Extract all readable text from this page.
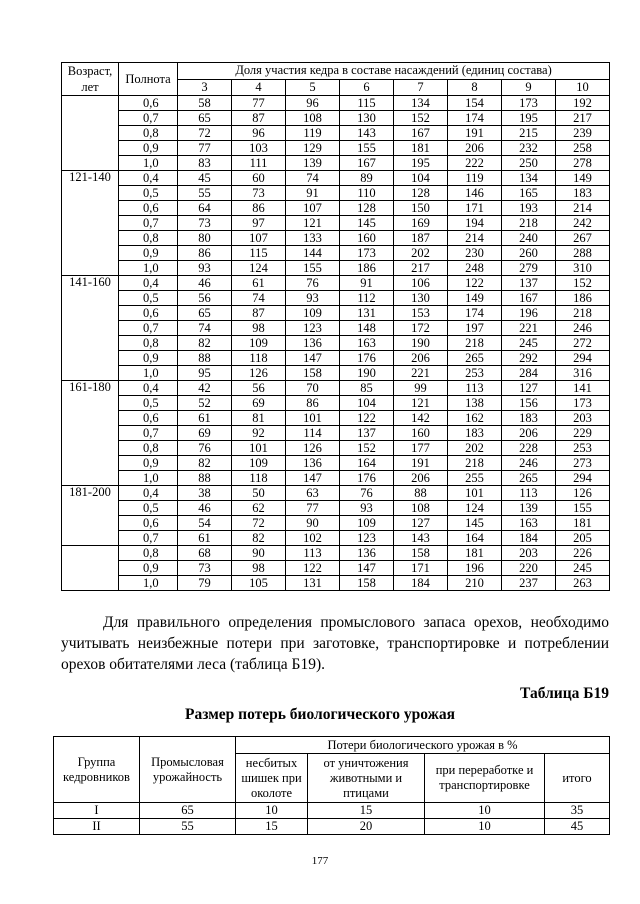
Возраст, лет	Полнота	Доля участия кедра в составе насаждений (единиц состава)							
		3	4	5	6	7	8	9	10
	0,6	58	77	96	115	134	154	173	192
	0,7	65	87	108	130	152	174	195	217
	0,8	72	96	119	143	167	191	215	239
	0,9	77	103	129	155	181	206	232	258
	1,0	83	111	139	167	195	222	250	278
121-140	0,4	45	60	74	89	104	119	134	149
	0,5	55	73	91	110	128	146	165	183
	0,6	64	86	107	128	150	171	193	214
	0,7	73	97	121	145	169	194	218	242
	0,8	80	107	133	160	187	214	240	267
	0,9	86	115	144	173	202	230	260	288
	1,0	93	124	155	186	217	248	279	310
141-160	0,4	46	61	76	91	106	122	137	152
	0,5	56	74	93	112	130	149	167	186
	0,6	65	87	109	131	153	174	196	218
	0,7	74	98	123	148	172	197	221	246
	0,8	82	109	136	163	190	218	245	272
	0,9	88	118	147	176	206	265	292	294
	1,0	95	126	158	190	221	253	284	316
161-180	0,4	42	56	70	85	99	113	127	141
	0,5	52	69	86	104	121	138	156	173
	0,6	61	81	101	122	142	162	183	203
	0,7	69	92	114	137	160	183	206	229
	0,8	76	101	126	152	177	202	228	253
	0,9	82	109	136	164	191	218	246	273
	1,0	88	118	147	176	206	255	265	294
181-200	0,4	38	50	63	76	88	101	113	126
	0,5	46	62	77	93	108	124	139	155
	0,6	54	72	90	109	127	145	163	181
	0,7	61	82	102	123	143	164	184	205
	0,8	68	90	113	136	158	181	203	226
	0,9	73	98	122	147	171	196	220	245
	1,0	79	105	131	158	184	210	237	263
Для правильного определения промыслового запаса орехов, необходимо
учитывать неизбежные потери при заготовке, транспортировке и потреблении
орехов обитателями леса (таблица Б19).
Таблица Б19
Размер потерь биологического урожая
Группа кедровников	Промысловая урожайность	Потери биологического урожая в %			
		несбитых шишек при околоте	от уничтожения животными и птицами	при переработке и транспортировке	итого
I	65	10	15	10	35
II	55	15	20	10	45
177
